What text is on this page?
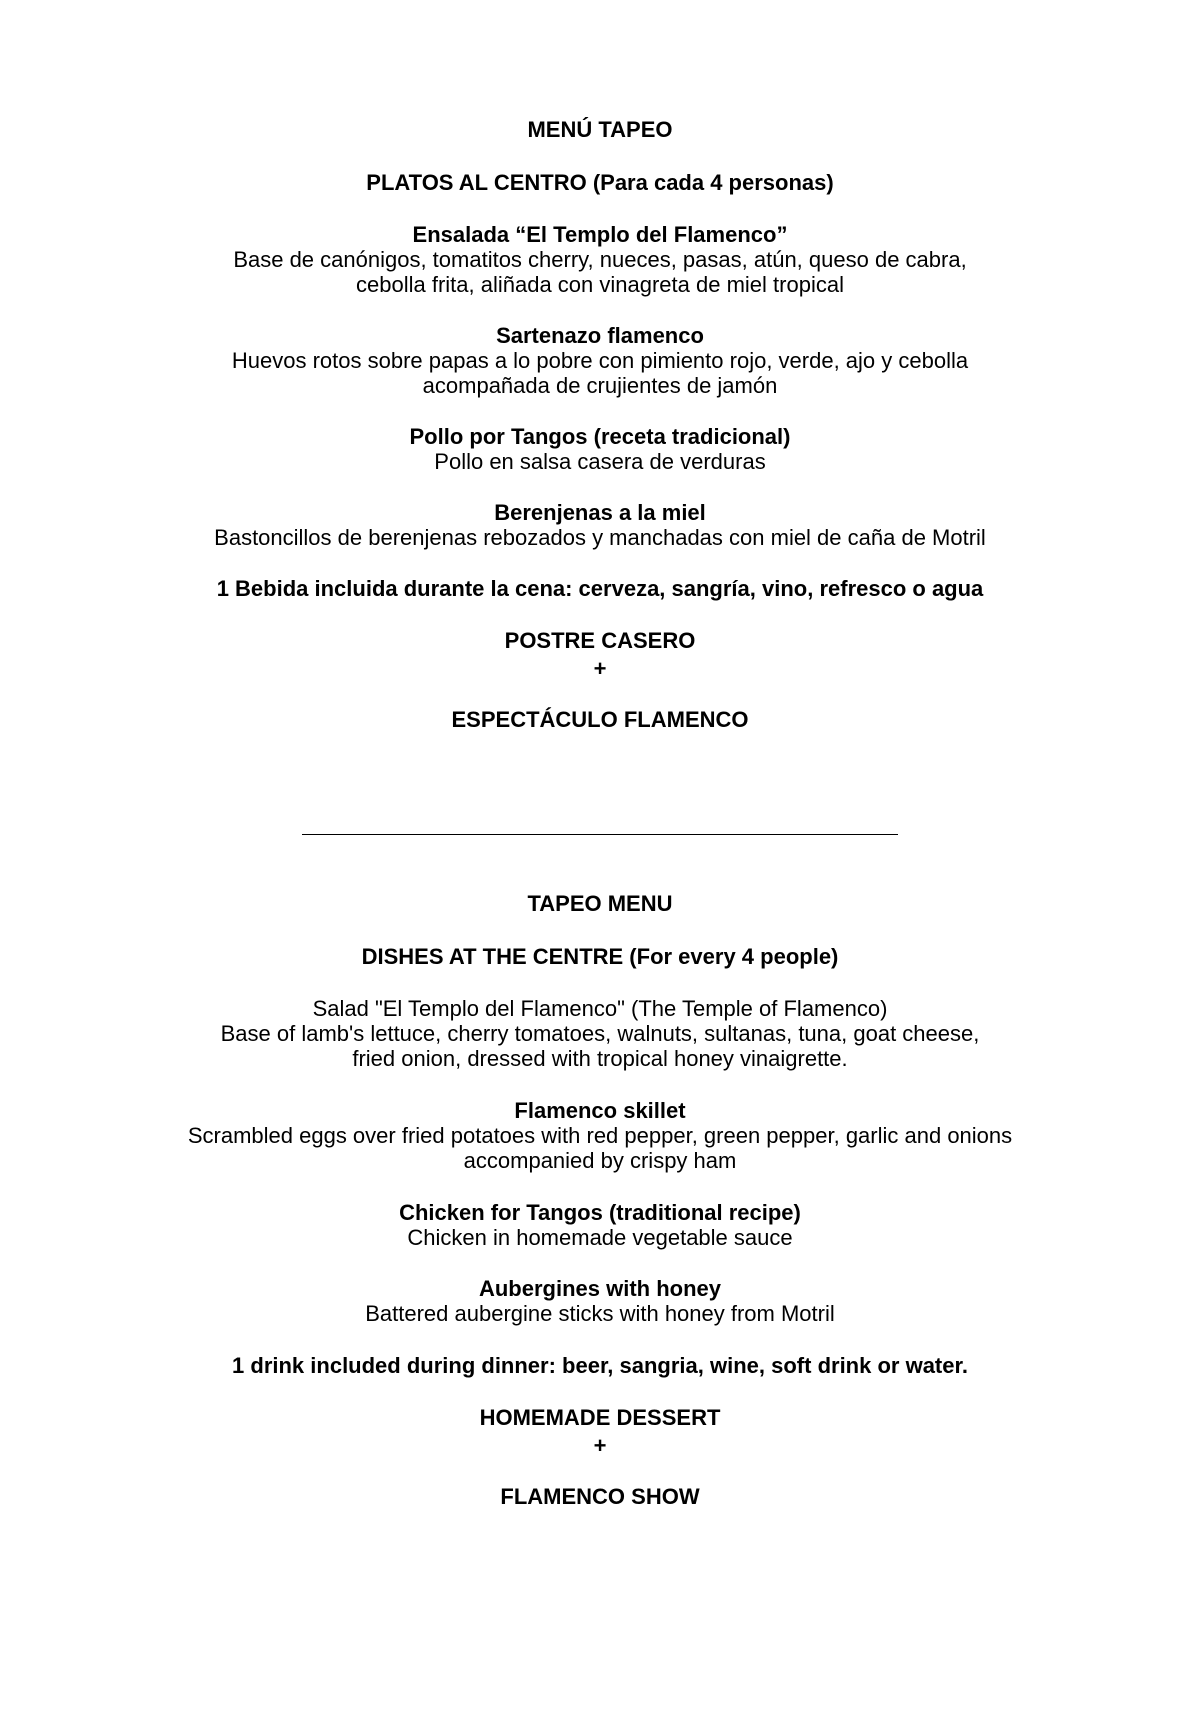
MENÚ TAPEO
PLATOS AL CENTRO (Para cada 4 personas)
Ensalada “El Templo del Flamenco”
Base de canónigos, tomatitos cherry, nueces, pasas, atún, queso de cabra,
cebolla frita, aliñada con vinagreta de miel tropical
Sartenazo flamenco
Huevos rotos sobre papas a lo pobre con pimiento rojo, verde, ajo y cebolla
acompañada de crujientes de jamón
Pollo por Tangos (receta tradicional)
Pollo en salsa casera de verduras
Berenjenas a la miel
Bastoncillos de berenjenas rebozados y manchadas con miel de caña de Motril
1 Bebida incluida durante la cena: cerveza, sangría, vino, refresco o agua
POSTRE CASERO
+
ESPECTÁCULO FLAMENCO
TAPEO MENU
DISHES AT THE CENTRE (For every 4 people)
Salad "El Templo del Flamenco" (The Temple of Flamenco)
Base of lamb's lettuce, cherry tomatoes, walnuts, sultanas, tuna, goat cheese,
fried onion, dressed with tropical honey vinaigrette.
Flamenco skillet
Scrambled eggs over fried potatoes with red pepper, green pepper, garlic and onions
accompanied by crispy ham
Chicken for Tangos (traditional recipe)
Chicken in homemade vegetable sauce
Aubergines with honey
Battered aubergine sticks with honey from Motril
1 drink included during dinner: beer, sangria, wine, soft drink or water.
HOMEMADE DESSERT
+
FLAMENCO SHOW
